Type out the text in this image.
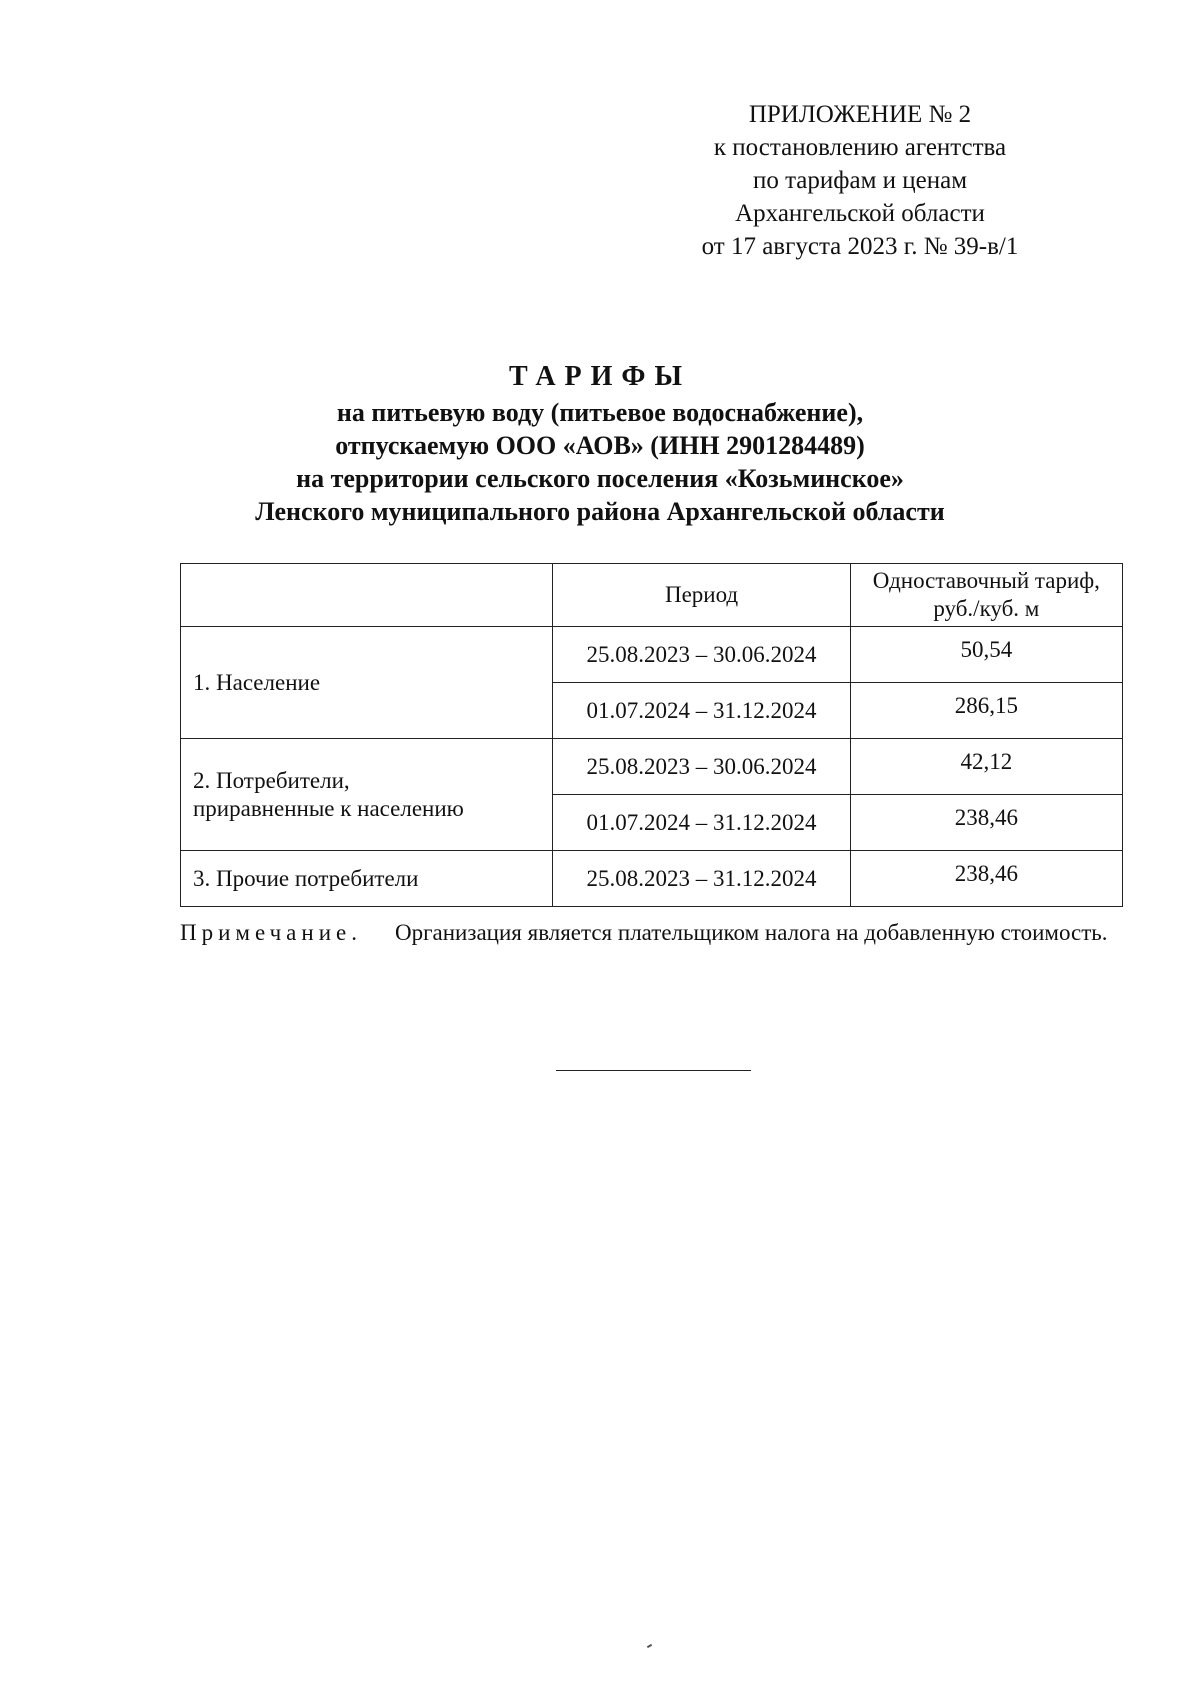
ПРИЛОЖЕНИЕ № 2
к постановлению агентства
по тарифам и ценам
Архангельской области
от 17 августа 2023 г. № 39-в/1
ТАРИФЫ
на питьевую воду (питьевое водоснабжение),
отпускаемую ООО «АОВ» (ИНН 2901284489)
на территории сельского поселения «Козьминское»
Ленского муниципального района Архангельской области
	Период	Одноставочный тариф,
руб./куб. м

1. Население	25.08.2023 – 30.06.2024	50,54
	01.07.2024 – 31.12.2024	286,15

2. Потребители,
приравненные к населению	25.08.2023 – 30.06.2024	42,12
	01.07.2024 – 31.12.2024	238,46

3. Прочие потребители	25.08.2023 – 31.12.2024	238,46
Примечание. Организация является плательщиком налога на добавленную стоимость.
